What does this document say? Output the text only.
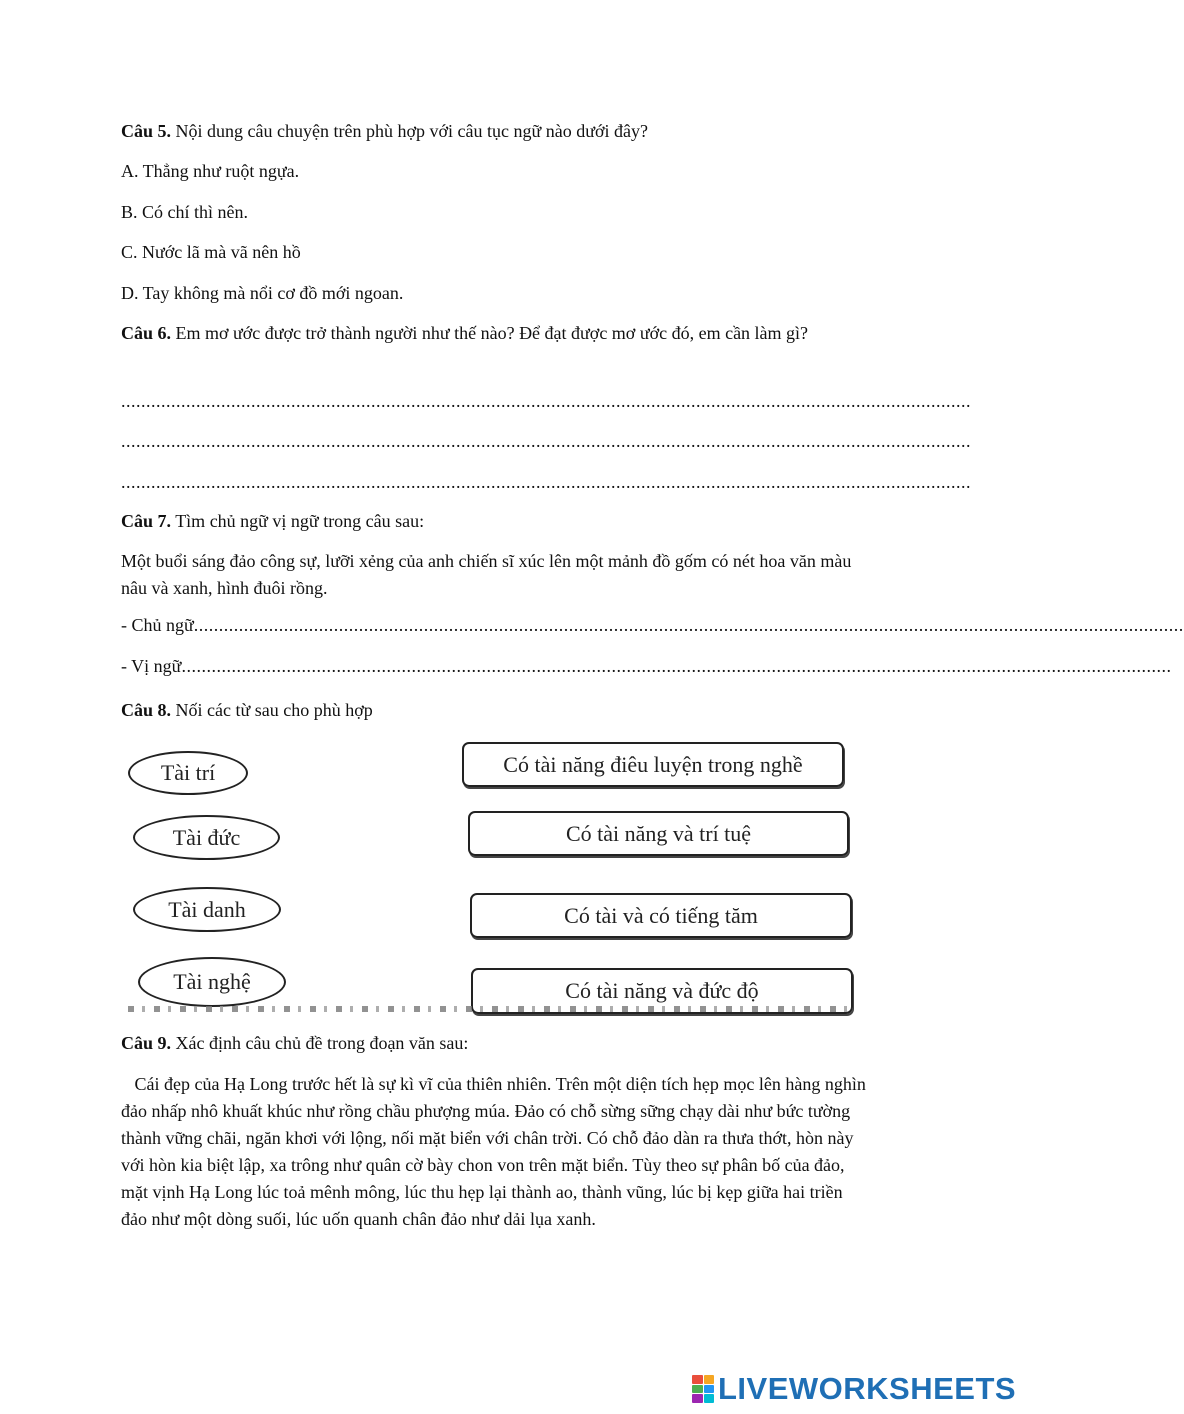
Câu 5. Nội dung câu chuyện trên phù hợp với câu tục ngữ nào dưới đây?

A. Thẳng như ruột ngựa.

B. Có chí thì nên.

C. Nước lã mà vã nên hồ

D. Tay không mà nổi cơ đồ mới ngoan.

Câu 6. Em mơ ước được trở thành người như thế nào? Để đạt được mơ ước đó, em cần làm gì?

..........................................................................................................................................................................
..........................................................................................................................................................................
..........................................................................................................................................................................

Câu 7. Tìm chủ ngữ vị ngữ trong câu sau:

Một buổi sáng đảo công sự, lưỡi xẻng của anh chiến sĩ xúc lên một mảnh đồ gốm có nét hoa văn màu nâu và xanh, hình đuôi rồng.

- Chủ ngữ ......................................................................................................................................................................................................
- Vị ngữ ......................................................................................................................................................................................................

Câu 8. Nối các từ sau cho phù hợp

Câu 9. Xác định câu chủ đề trong đoạn văn sau:

Cái đẹp của Hạ Long trước hết là sự kì vĩ của thiên nhiên. Trên một diện tích hẹp mọc lên hàng nghìn đảo nhấp nhô khuất khúc như rồng chầu phượng múa. Đảo có chỗ sừng sững chạy dài như bức tường thành vững chãi, ngăn khơi với lộng, nối mặt biển với chân trời. Có chỗ đảo dàn ra thưa thớt, hòn này với hòn kia biệt lập, xa trông như quân cờ bày chon von trên mặt biển. Tùy theo sự phân bố của đảo, mặt vịnh Hạ Long lúc toả mênh mông, lúc thu hẹp lại thành ao, thành vũng, lúc bị kẹp giữa hai triền đảo như một dòng suối, lúc uốn quanh chân đảo như dải lụa xanh.

Tài trí
Tài đức
Tài danh
Tài nghệ
Có tài năng điêu luyện trong nghề
Có tài năng và trí tuệ
Có tài và có tiếng tăm
Có tài năng và đức độ
LIVEWORKSHEETS
